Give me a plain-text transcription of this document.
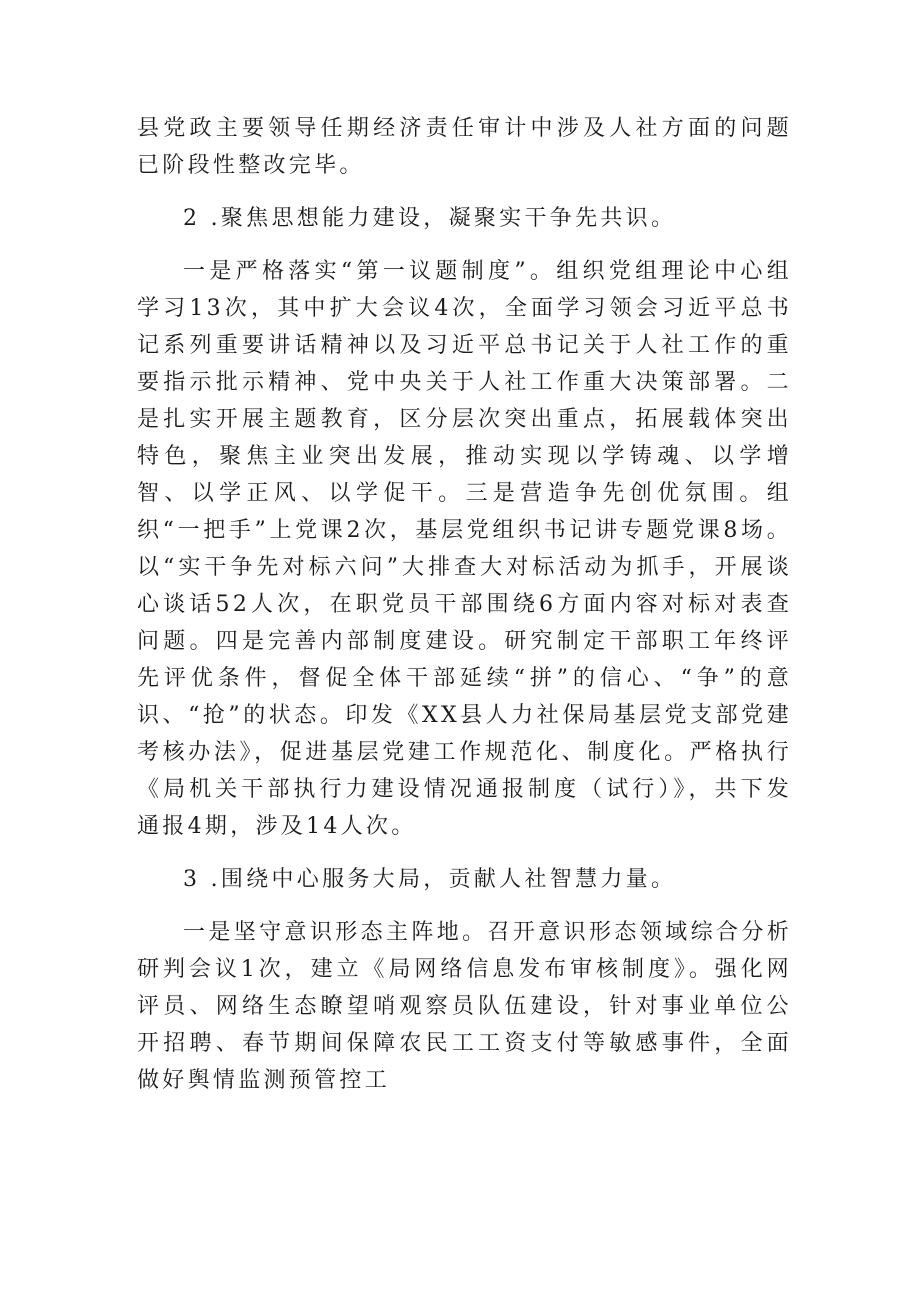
县党政主要领导任期经济责任审计中涉及人社方面的问题已阶段性整改完毕。

2 .聚焦思想能力建设，凝聚实干争先共识。

一是严格落实“第一议题制度”。组织党组理论中心组学习13次，其中扩大会议4次，全面学习领会习近平总书记系列重要讲话精神以及习近平总书记关于人社工作的重要指示批示精神、党中央关于人社工作重大决策部署。二是扎实开展主题教育，区分层次突出重点，拓展载体突出特色，聚焦主业突出发展，推动实现以学铸魂、以学增智、以学正风、以学促干。三是营造争先创优氛围。组织“一把手”上党课2次，基层党组织书记讲专题党课8场。以“实干争先对标六问”大排查大对标活动为抓手，开展谈心谈话52人次，在职党员干部围绕6方面内容对标对表查问题。四是完善内部制度建设。研究制定干部职工年终评先评优条件，督促全体干部延续“拼”的信心、“争”的意识、“抢”的状态。印发《XX县人力社保局基层党支部党建考核办法》，促进基层党建工作规范化、制度化。严格执行《局机关干部执行力建设情况通报制度（试行）》，共下发通报4期，涉及14人次。

3 .围绕中心服务大局，贡献人社智慧力量。

一是坚守意识形态主阵地。召开意识形态领域综合分析研判会议1次，建立《局网络信息发布审核制度》。强化网评员、网络生态瞭望哨观察员队伍建设，针对事业单位公开招聘、春节期间保障农民工工资支付等敏感事件，全面做好舆情监测预管控工
